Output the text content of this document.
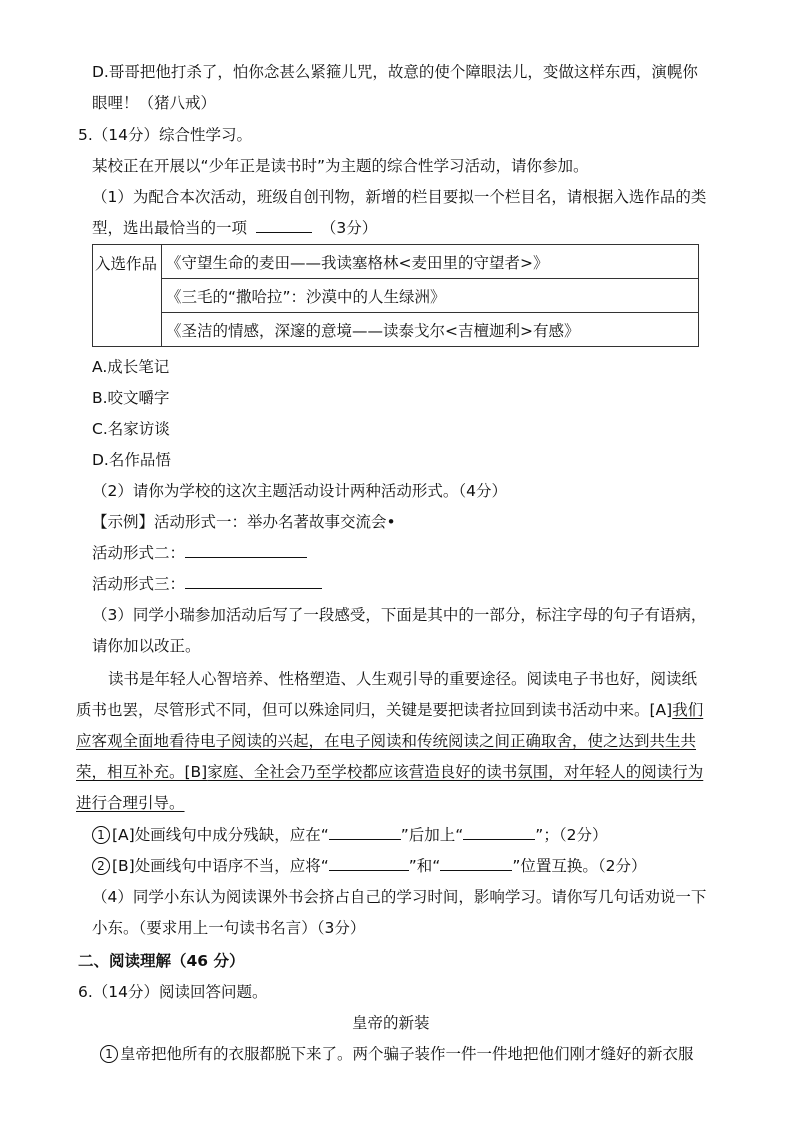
D.哥哥把他打杀了，怕你念甚么紧箍儿咒，故意的使个障眼法儿，变做这样东西，演幌你
眼哩！（猪八戒）
5.（14分）综合性学习。
某校正在开展以“少年正是读书时”为主题的综合性学习活动，请你参加。
（1）为配合本次活动，班级自创刊物，新增的栏目要拟一个栏目名，请根据入选作品的类
型，选出最恰当的一项	（3分）
入选作品	《守望生命的麦田——我读塞格林<麦田里的守望者>》
《三毛的“撒哈拉”：沙漠中的人生绿洲》
《圣洁的情感，深邃的意境——读泰戈尔<吉檀迦利>有感》
A.成长笔记
B.咬文嚼字
C.名家访谈
D.名作品悟
（2）请你为学校的这次主题活动设计两种活动形式。（4分）
【示例】活动形式一：举办名著故事交流会•
活动形式二：
活动形式三：
（3）同学小瑞参加活动后写了一段感受，下面是其中的一部分，标注字母的句子有语病，
请你加以改正。
读书是年轻人心智培养、性格塑造、人生观引导的重要途径。阅读电子书也好，阅读纸
质书也罢，尽管形式不同，但可以殊途同归，关键是要把读者拉回到读书活动中来。[A]我们
应客观全面地看待电子阅读的兴起，在电子阅读和传统阅读之间正确取舍，使之达到共生共
荣，相互补充。[B]家庭、全社会乃至学校都应该营造良好的读书氛围，对年轻人的阅读行为
进行合理引导。
1 [A]处画线句中成分残缺，应在“	”后加上“	”；（2分）
2 [B]处画线句中语序不当，应将“	”和“	”位置互换。（2分）
（4）同学小东认为阅读课外书会挤占自己的学习时间，影响学习。请你写几句话劝说一下
小东。（要求用上一句读书名言）（3分）
二、阅读理解（46 分）
6.（14分）阅读回答问题。
皇帝的新装
1 皇帝把他所有的衣服都脱下来了。两个骗子装作一件一件地把他们刚才缝好的新衣服
